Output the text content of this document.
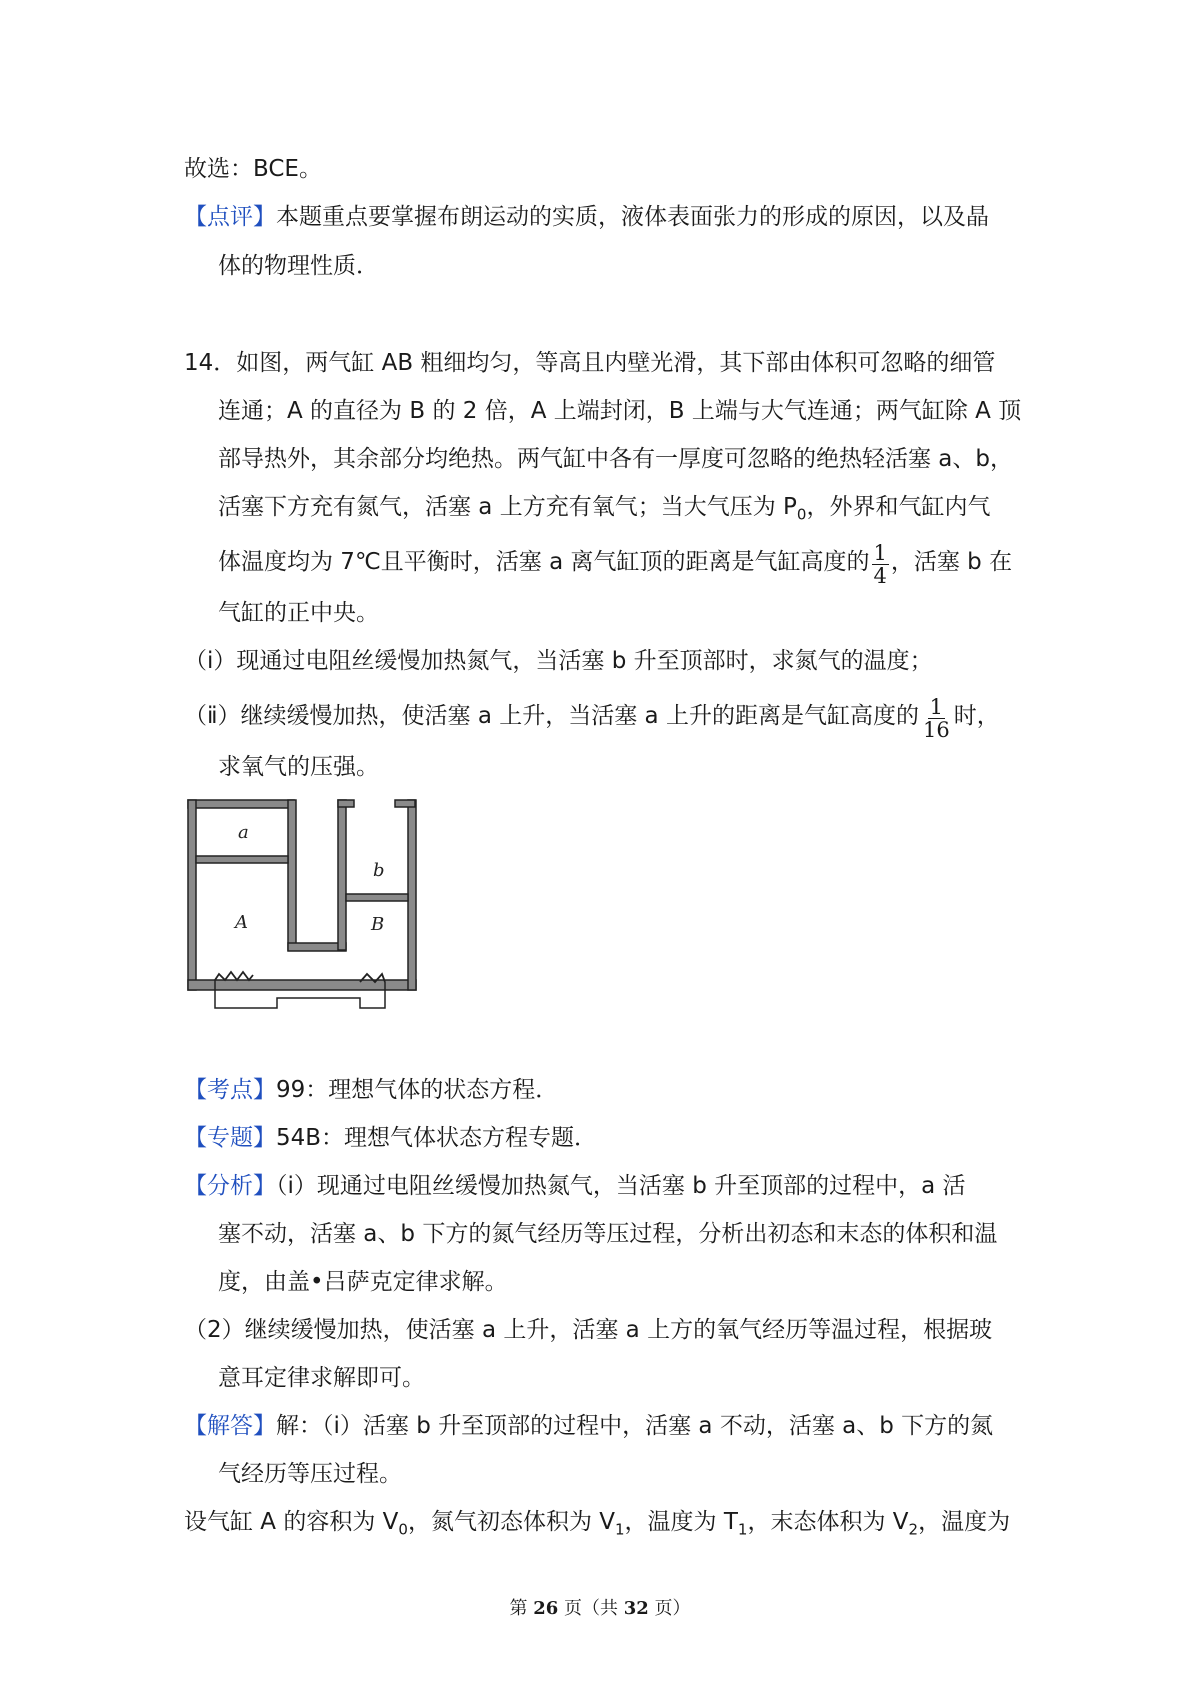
故选：BCE。
【点评】本题重点要掌握布朗运动的实质，液体表面张力的形成的原因，以及晶
体的物理性质．
14．如图，两气缸 AB 粗细均匀，等高且内壁光滑，其下部由体积可忽略的细管
连通；A 的直径为 B 的 2 倍，A 上端封闭，B 上端与大气连通；两气缸除 A 顶
部导热外，其余部分均绝热。两气缸中各有一厚度可忽略的绝热轻活塞 a、b，
活塞下方充有氮气，活塞 a 上方充有氧气；当大气压为 $P_0$，外界和气缸内气
体温度均为 7℃且平衡时，活塞 a 离气缸顶的距离是气缸高度的 $\frac{1}{4}$ ，活塞 b 在
气缸的正中央。
（ⅰ）现通过电阻丝缓慢加热氮气，当活塞 b 升至顶部时，求氮气的温度；
（ⅱ）继续缓慢加热，使活塞 a 上升，当活塞 a 上升的距离是气缸高度的 $\frac{1}{16}$ 时，
求氧气的压强。
a
b
A	B
【考点】99：理想气体的状态方程．
【专题】54B：理想气体状态方程专题．
【分析】（ⅰ）现通过电阻丝缓慢加热氮气，当活塞 b 升至顶部的过程中，a 活
塞不动，活塞 a、b 下方的氮气经历等压过程，分析出初态和末态的体积和温
度，由盖•吕萨克定律求解。
（2）继续缓慢加热，使活塞 a 上升，活塞 a 上方的氧气经历等温过程，根据玻
意耳定律求解即可。
【解答】解：（ⅰ）活塞 b 升至顶部的过程中，活塞 a 不动，活塞 a、b 下方的氮
气经历等压过程。
设气缸 A 的容积为 $V_0$，氮气初态体积为 $V_1$，温度为 $T_1$，末态体积为 $V_2$，温度为
第 26 页（共 32 页）
